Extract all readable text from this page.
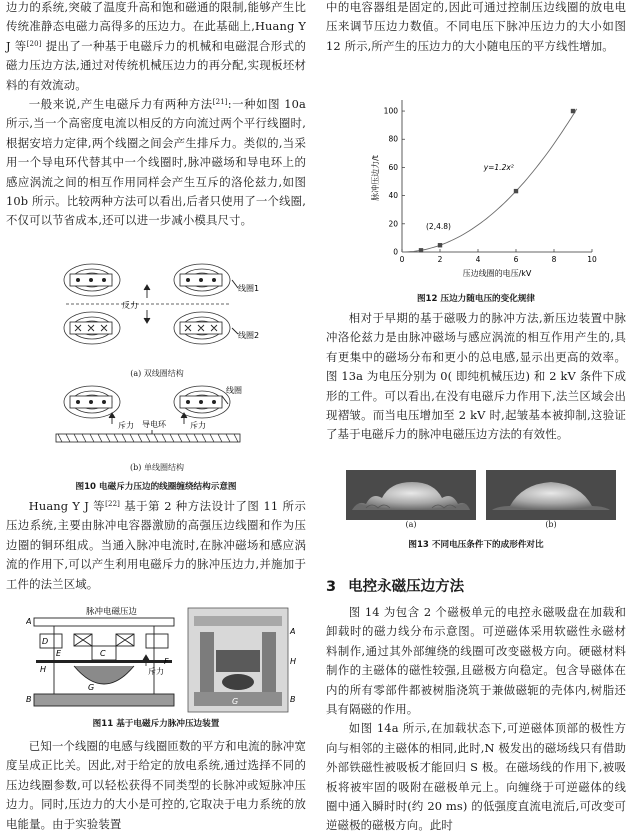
边力的系统,突破了温度升高和饱和磁通的限制,能够产生比传统准静态电磁力高得多的压边力。在此基础上,Huang Y J 等[20] 提出了一种基于电磁斥力的机械和电磁混合形式的磁力压边方法,通过对传统机械压边力的再分配,实现板坯材料的有效流动。

一般来说,产生电磁斥力有两种方法[21]:一种如图 10a 所示,当一个高密度电流以相反的方向流过两个平行线圈时,根据安培力定律,两个线圈之间会产生排斥力。类似的,当采用一个导电环代替其中一个线圈时,脉冲磁场和导电环上的感应涡流之间的相互作用同样会产生互斥的洛伦兹力,如图 10b 所示。比较两种方法可以看出,后者只使用了一个线圈,不仅可以节省成本,还可以进一步减小模具尺寸。

反力
线圈1
线圈2
斥力	斥力
线圈
导电环
(a) 双线圈结构
(b) 单线圈结构
图10 电磁斥力压边的线圈缠绕结构示意图

Huang Y J 等[22] 基于第 2 种方法设计了图 11 所示压边系统,主要由脉冲电容器激励的高强压边线圈和作为压边圈的铜环组成。当通入脉冲电流时,在脉冲磁场和感应涡流的作用下,可以产生利用电磁斥力的脉冲压边力,并施加于工件的法兰区域。

脉冲电磁压边
斥力
A
B
C
D
E
F
G
H
A
H
B
G
图11 基于电磁斥力脉冲压边装置

已知一个线圈的电感与线圈匝数的平方和电流的脉冲宽度呈成正比关。因此,对于给定的放电系统,通过选择不同的压边线圈参数,可以轻松获得不同类型的长脉冲或短脉冲压边力。同时,压边力的大小是可控的,它取决于电力系统的放电能量。由于实验装置

中的电容器组是固定的,因此可通过控制压边线圈的放电电压来调节压边力数值。不同电压下脉冲压边力的大小如图 12 所示,所产生的压边力的大小随电压的平方线性增加。

0	2	4	6	8	10
0
20
40
60
80
100
(2,4.8)
y=1.2x²
压边线圈的电压/kV
脉冲压边力/t
图12 压边力随电压的变化规律

相对于早期的基于磁吸力的脉冲方法,新压边装置中脉冲洛伦兹力是由脉冲磁场与感应涡流的相互作用产生的,具有更集中的磁场分布和更小的总电感,显示出更高的效率。图 13a 为电压分别为 0( 即纯机械压边) 和 2 kV 条件下成形的工件。可以看出,在没有电磁斥力作用下,法兰区域会出现褶皱。而当电压增加至 2 kV 时,起皱基本被抑制,这验证了基于电磁斥力的脉冲电磁压边方法的有效性。

(a)	(b)
图13 不同电压条件下的成形件对比
3 电控永磁压边方法

图 14 为包含 2 个磁极单元的电控永磁吸盘在加载和卸载时的磁力线分布示意图。可逆磁体采用软磁性永磁材料制作,通过其外部缠绕的线圈可改变磁极方向。硬磁材料制作的主磁体的磁性较强,且磁极方向稳定。包含导磁体在内的所有零部件都被树脂浇筑于兼做磁轭的壳体内,树脂还具有隔磁的作用。

如图 14a 所示,在加载状态下,可逆磁体顶部的极性方向与相邻的主磁体的相同,此时,N 极发出的磁场线只有借助外部铁磁性被吸板才能回归 S 极。在磁场线的作用下,被吸板将被牢固的吸附在磁极单元上。向缠绕于可逆磁体的线圈中通入瞬时时(约 20 ms) 的低强度直流电流后,可改变可逆磁极的磁极方向。此时
